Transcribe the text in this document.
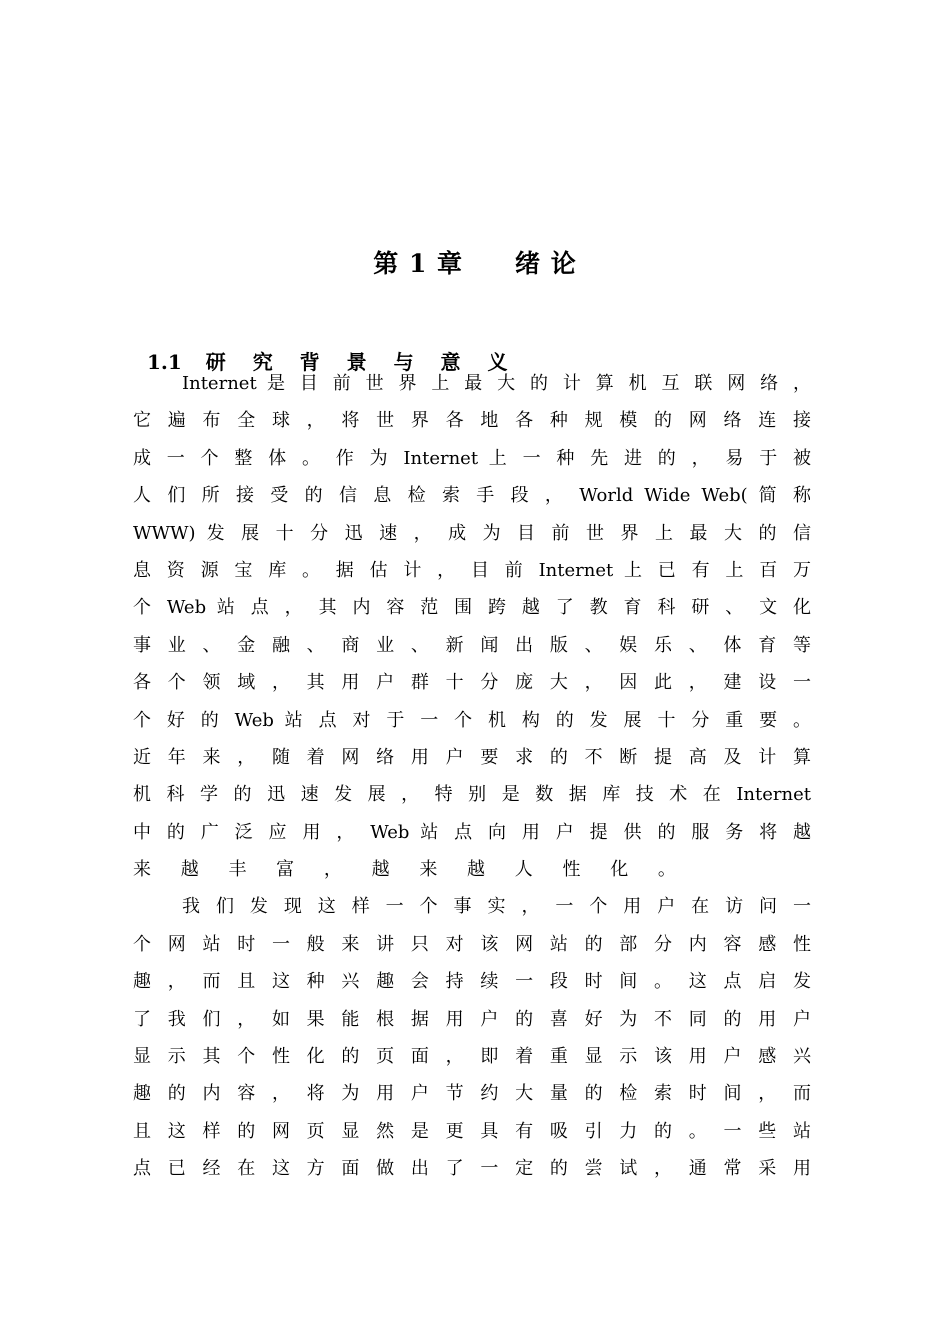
第 1 章　　绪 论

1.1 研 究 背 景 与 意 义

Internet 是 目 前 世 界 上 最 大 的 计 算 机 互 联 网 络 ，
它 遍 布 全 球 ， 将 世 界 各 地 各 种 规 模 的 网 络 连 接
成 一 个 整 体 。 作 为 Internet 上 一 种 先 进 的 ， 易 于 被
人 们 所 接 受 的 信 息 检 索 手 段 ， World Wide Web( 简 称
WWW) 发 展 十 分 迅 速 ， 成 为 目 前 世 界 上 最 大 的 信
息 资 源 宝 库 。 据 估 计 ， 目 前 Internet 上 已 有 上 百 万
个 Web 站 点 ， 其 内 容 范 围 跨 越 了 教 育 科 研 、 文 化
事 业 、 金 融 、 商 业 、 新 闻 出 版 、 娱 乐 、 体 育 等
各 个 领 域 ， 其 用 户 群 十 分 庞 大 ， 因 此 ， 建 设 一
个 好 的 Web 站 点 对 于 一 个 机 构 的 发 展 十 分 重 要 。
近 年 来 ， 随 着 网 络 用 户 要 求 的 不 断 提 高 及 计 算
机 科 学 的 迅 速 发 展 ， 特 别 是 数 据 库 技 术 在 Internet
中 的 广 泛 应 用 ， Web 站 点 向 用 户 提 供 的 服 务 将 越
来 越 丰 富 ， 越 来 越 人 性 化 。
我 们 发 现 这 样 一 个 事 实 ， 一 个 用 户 在 访 问 一
个 网 站 时 一 般 来 讲 只 对 该 网 站 的 部 分 内 容 感 性
趣 ， 而 且 这 种 兴 趣 会 持 续 一 段 时 间 。 这 点 启 发
了 我 们 ， 如 果 能 根 据 用 户 的 喜 好 为 不 同 的 用 户
显 示 其 个 性 化 的 页 面 ， 即 着 重 显 示 该 用 户 感 兴
趣 的 内 容 ， 将 为 用 户 节 约 大 量 的 检 索 时 间 ， 而
且 这 样 的 网 页 显 然 是 更 具 有 吸 引 力 的 。 一 些 站
点 已 经 在 这 方 面 做 出 了 一 定 的 尝 试 ， 通 常 采 用
